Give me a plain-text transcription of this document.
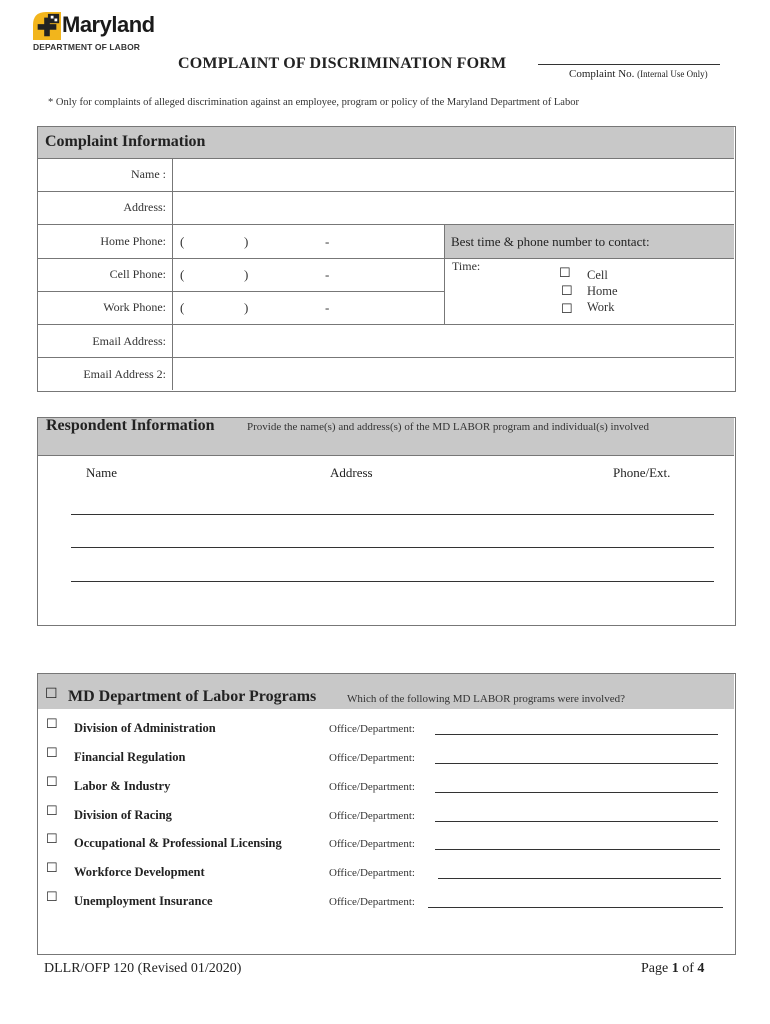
Maryland
DEPARTMENT OF LABOR
COMPLAINT OF DISCRIMINATION FORM
Complaint No. (Internal Use Only)
* Only for complaints of alleged discrimination against an employee, program or policy of the Maryland Department of Labor
Complaint Information
Name :
Address:
Home Phone: (	)	-
Cell Phone: (	)	-
Work Phone: (	)	-
Best time & phone number to contact:
Time:	☐ Cell
☐ Home
☐ Work
Email Address:
Email Address 2:
Respondent Information	Provide the name(s) and address(s) of the MD LABOR program and individual(s) involved
Name	Address	Phone/Ext.
☐ MD Department of Labor Programs	Which of the following MD LABOR programs were involved?
☐ Division of Administration	Office/Department:
☐ Financial Regulation	Office/Department:
☐ Labor & Industry	Office/Department:
☐ Division of Racing	Office/Department:
☐ Occupational & Professional Licensing	Office/Department:
☐ Workforce Development	Office/Department:
☐ Unemployment Insurance	Office/Department:
DLLR/OFP 120 (Revised 01/2020)	Page 1 of 4
